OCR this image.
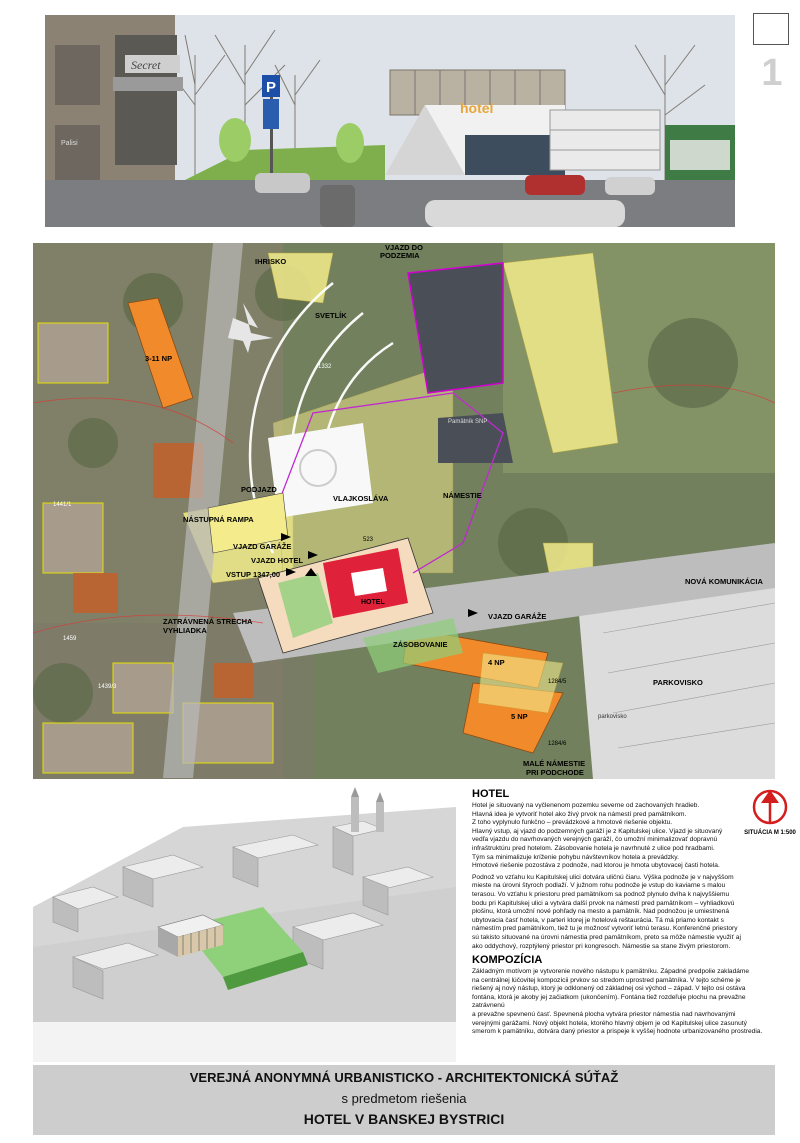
Secret
Palisi
P
hotel
1
IHRISKO
VJAZD DO
PODZEMIA
SVETLÍK
3-11 NP
PODJAZD
VLAJKOSLÁVA	NÁMESTIE
NÁSTUPNÁ RAMPA
VJAZD GARÁŽE
VJAZD HOTEL
VSTUP 1347,00
HOTEL
NOVÁ KOMUNIKÁCIA
ZATRÁVNENÁ STRECHA
VYHLIADKA
VJAZD GARÁŽE
ZÁSOBOVANIE
4 NP
PARKOVISKO
5 NP
MALÉ NÁMESTIE
PRI PODCHODE
parkovisko
1332
523
1441/1
1459
1284/5
1284/6
1439/3
Pamätník SNP
SITUÁCIA M 1:500
HOTEL

Hotel je situovaný na vyčlenenom pozemku severne od zachovaných hradieb.
Hlavná idea je vytvoriť hotel ako živý prvok na námestí pred pamätníkom.
Z toho vyplynulo funkčno – prevádzkové a hmotové riešenie objektu.
Hlavný vstup, aj vjazd do podzemných garáží je z Kapitulskej ulice. Vjazd je situovaný
vedľa vjazdu do navrhovaných verejných garáží, čo umožní minimalizovať dopravnú
infraštruktúru pred hotelom. Zásobovanie hotela je navrhnuté z ulice pod hradbami.
Tým sa minimalizuje kríženie pohybu návštevníkov hotela a prevádzky.
Hmotové riešenie pozostáva z podnože, nad ktorou je hmota ubytovacej časti hotela.

Podnož vo vzťahu ku Kapitulskej ulici dotvára uličnú čiaru. Výška podnože je v najvyššom
mieste na úrovni štyroch podlaží. V južnom rohu podnože je vstup do kaviarne s malou
terasou. Vo vzťahu k priestoru pred pamätníkom sa podnož plynulo dvíha k najvyššiemu
bodu pri Kapitulskej ulici a vytvára další prvok na námestí pred pamätníkom – vyhliadkovú
plošinu, ktorá umožní nové pohľady na mesto a pamätník. Nad podnožou je umiestnená
ubytovacia časť hotela, v parteri ktorej je hotelová reštaurácia. Tá má priamo kontakt s
námestím pred pamätníkom, tiež tu je možnosť vytvoriť letnú terasu. Konferenčné priestory
sú takisto situované na úrovni námestia pred pamätníkom, preto sa môže námestie využiť aj
ako oddychový, rozptýlený priestor pri kongresoch. Námestie sa stane živým priestorom.

KOMPOZÍCIA

Základným motívom je vytvorenie nového nástupu k pamätníku. Západné predpolie zakladáme
na centrálnej lúčovitej kompozícii prvkov so stredom uprostred pamätníka. V tejto schéme je
riešený aj nový nástup, ktorý je odklonený od základnej osi východ – západ. V tejto osi ostáva
fontána, ktorá je akoby jej začiatkom (ukončením). Fontána tiež rozdeľuje plochu na prevažne zatrávnenú
a prevažne spevnenú časť. Spevnená plocha vytvára priestor námestia nad navrhovanými
verejnými garážami. Nový objekt hotela, ktorého hlavný objem je od Kapitulskej ulice zasunutý
smerom k pamätníku, dotvára daný priestor a prispeje k vyššej hodnote urbanizovaného prostredia.

VEREJNÁ ANONYMNÁ URBANISTICKO - ARCHITEKTONICKÁ SÚŤAŽ
s predmetom riešenia
HOTEL V BANSKEJ BYSTRICI
